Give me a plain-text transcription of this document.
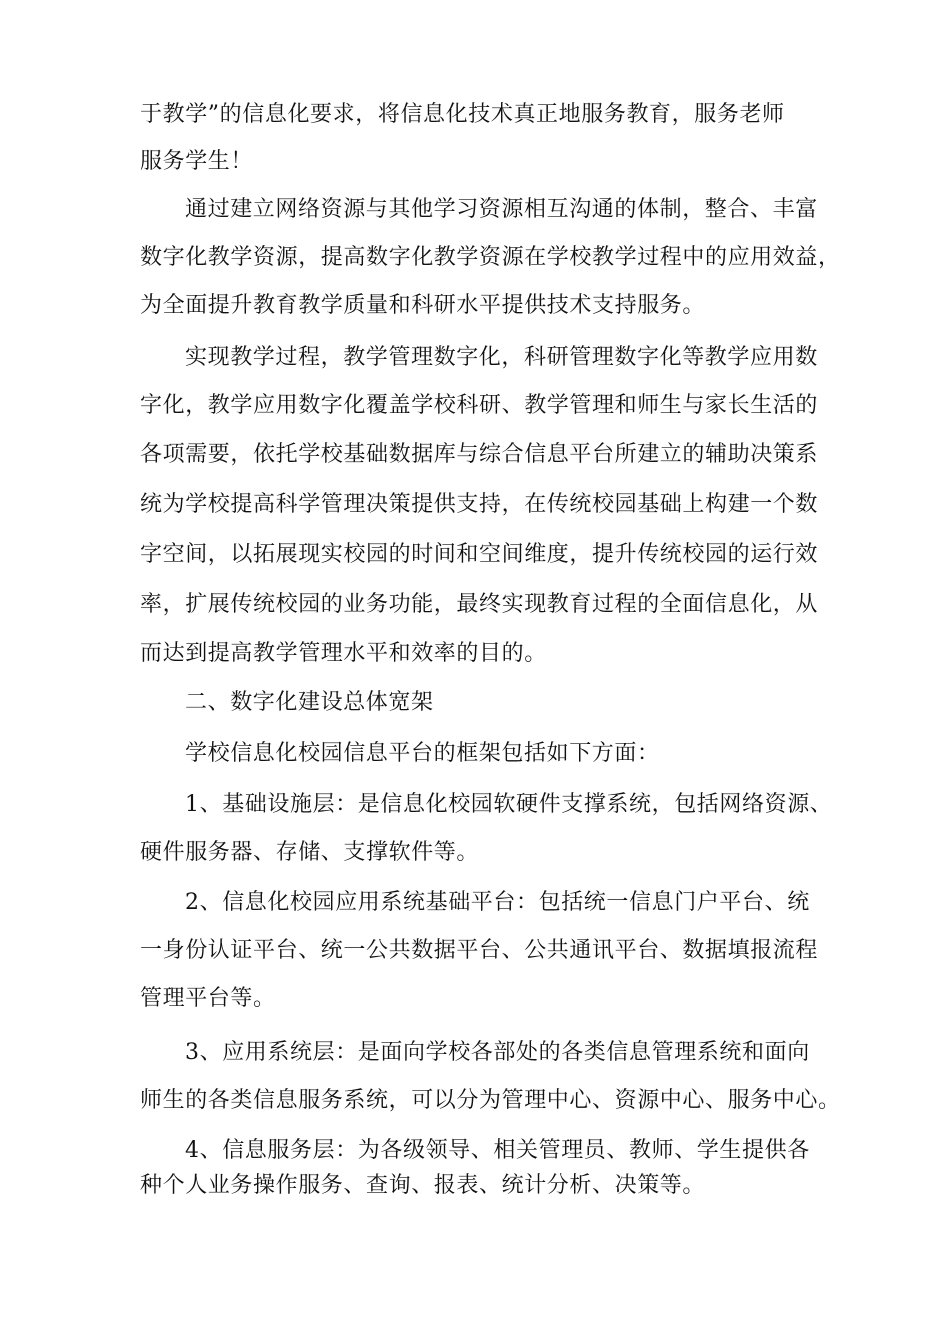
于教学”的信息化要求，将信息化技术真正地服务教育，服务老师
服务学生！
通过建立网络资源与其他学习资源相互沟通的体制，整合、丰富
数字化教学资源，提高数字化教学资源在学校教学过程中的应用效益，
为全面提升教育教学质量和科研水平提供技术支持服务。
实现教学过程，教学管理数字化，科研管理数字化等教学应用数
字化，教学应用数字化覆盖学校科研、教学管理和师生与家长生活的
各项需要，依托学校基础数据库与综合信息平台所建立的辅助决策系
统为学校提高科学管理决策提供支持，在传统校园基础上构建一个数
字空间，以拓展现实校园的时间和空间维度，提升传统校园的运行效
率，扩展传统校园的业务功能，最终实现教育过程的全面信息化，从
而达到提高教学管理水平和效率的目的。
二、数字化建设总体宽架
学校信息化校园信息平台的框架包括如下方面：
1、基础设施层：是信息化校园软硬件支撑系统，包括网络资源、
硬件服务器、存储、支撑软件等。
2、信息化校园应用系统基础平台：包括统一信息门户平台、统
一身份认证平台、统一公共数据平台、公共通讯平台、数据填报流程
管理平台等。
3、应用系统层：是面向学校各部处的各类信息管理系统和面向
师生的各类信息服务系统，可以分为管理中心、资源中心、服务中心。
4、信息服务层：为各级领导、相关管理员、教师、学生提供各
种个人业务操作服务、查询、报表、统计分析、决策等。
